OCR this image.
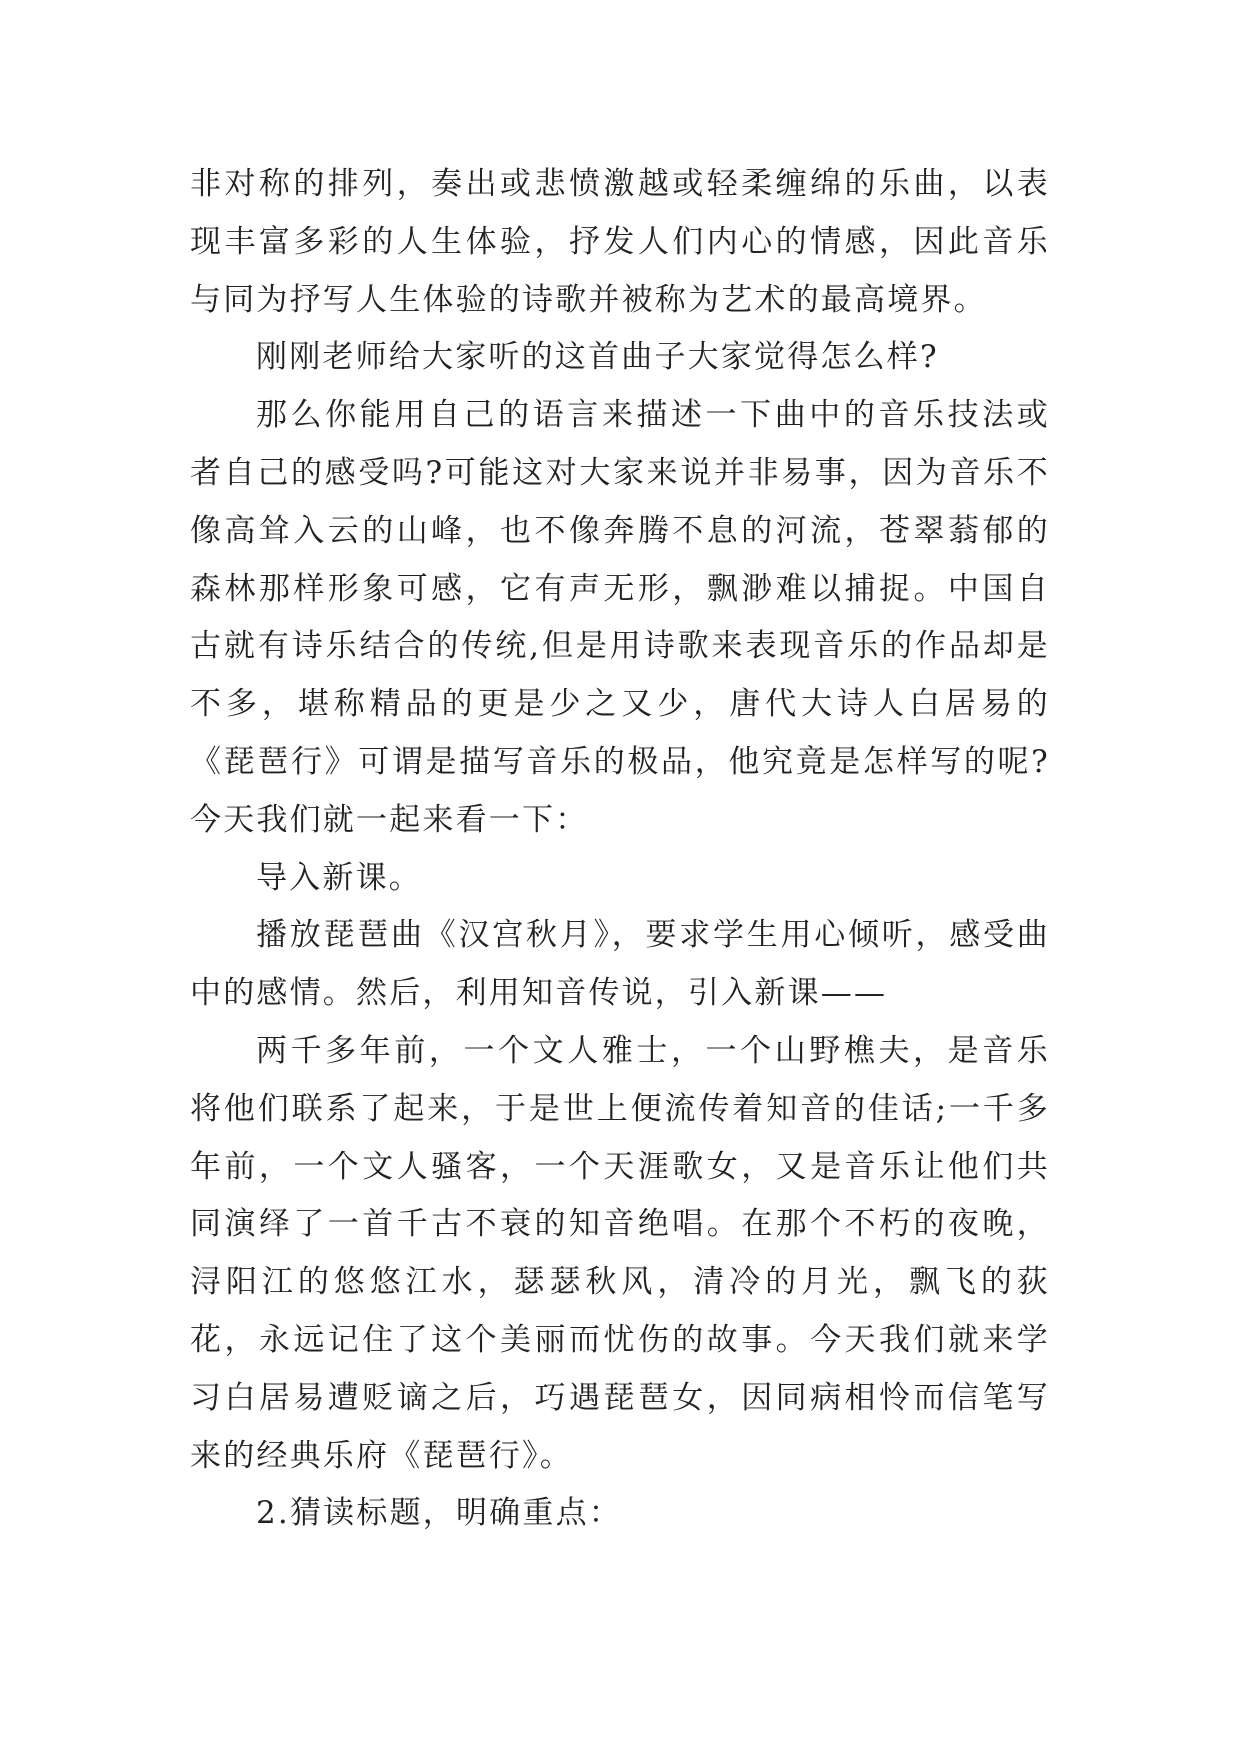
非对称的排列，奏出或悲愤激越或轻柔缠绵的乐曲，以表现丰富多彩的人生体验，抒发人们内心的情感，因此音乐与同为抒写人生体验的诗歌并被称为艺术的最高境界。

刚刚老师给大家听的这首曲子大家觉得怎么样?

那么你能用自己的语言来描述一下曲中的音乐技法或者自己的感受吗?可能这对大家来说并非易事，因为音乐不像高耸入云的山峰，也不像奔腾不息的河流，苍翠蓊郁的森林那样形象可感，它有声无形，飘渺难以捕捉。中国自古就有诗乐结合的传统,但是用诗歌来表现音乐的作品却是不多，堪称精品的更是少之又少，唐代大诗人白居易的《琵琶行》可谓是描写音乐的极品，他究竟是怎样写的呢?今天我们就一起来看一下：

导入新课。

播放琵琶曲《汉宫秋月》，要求学生用心倾听，感受曲中的感情。然后，利用知音传说，引入新课——

两千多年前，一个文人雅士，一个山野樵夫，是音乐将他们联系了起来，于是世上便流传着知音的佳话;一千多年前，一个文人骚客，一个天涯歌女，又是音乐让他们共同演绎了一首千古不衰的知音绝唱。在那个不朽的夜晚，浔阳江的悠悠江水，瑟瑟秋风，清冷的月光，飘飞的荻花，永远记住了这个美丽而忧伤的故事。今天我们就来学习白居易遭贬谪之后，巧遇琵琶女，因同病相怜而信笔写来的经典乐府《琵琶行》。

2.猜读标题，明确重点：
